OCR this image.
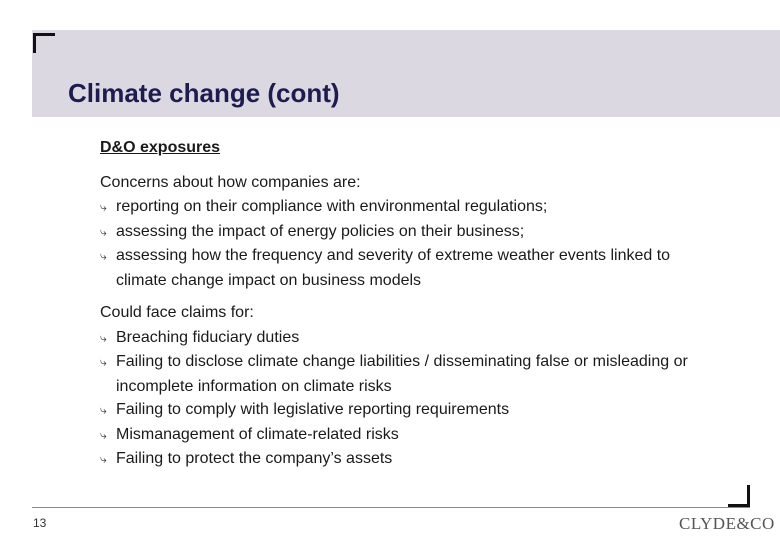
Climate change (cont)

D&O exposures

Concerns about how companies are:

⤷ reporting on their compliance with environmental regulations;
⤷ assessing the impact of energy policies on their business;
⤷ assessing how the frequency and severity of extreme weather events linked to climate change impact on business models

Could face claims for:

⤷ Breaching fiduciary duties
⤷ Failing to disclose climate change liabilities / disseminating false or misleading or incomplete information on climate risks
⤷ Failing to comply with legislative reporting requirements
⤷ Mismanagement of climate-related risks
⤷ Failing to protect the company’s assets
13	CLYDE&CO
